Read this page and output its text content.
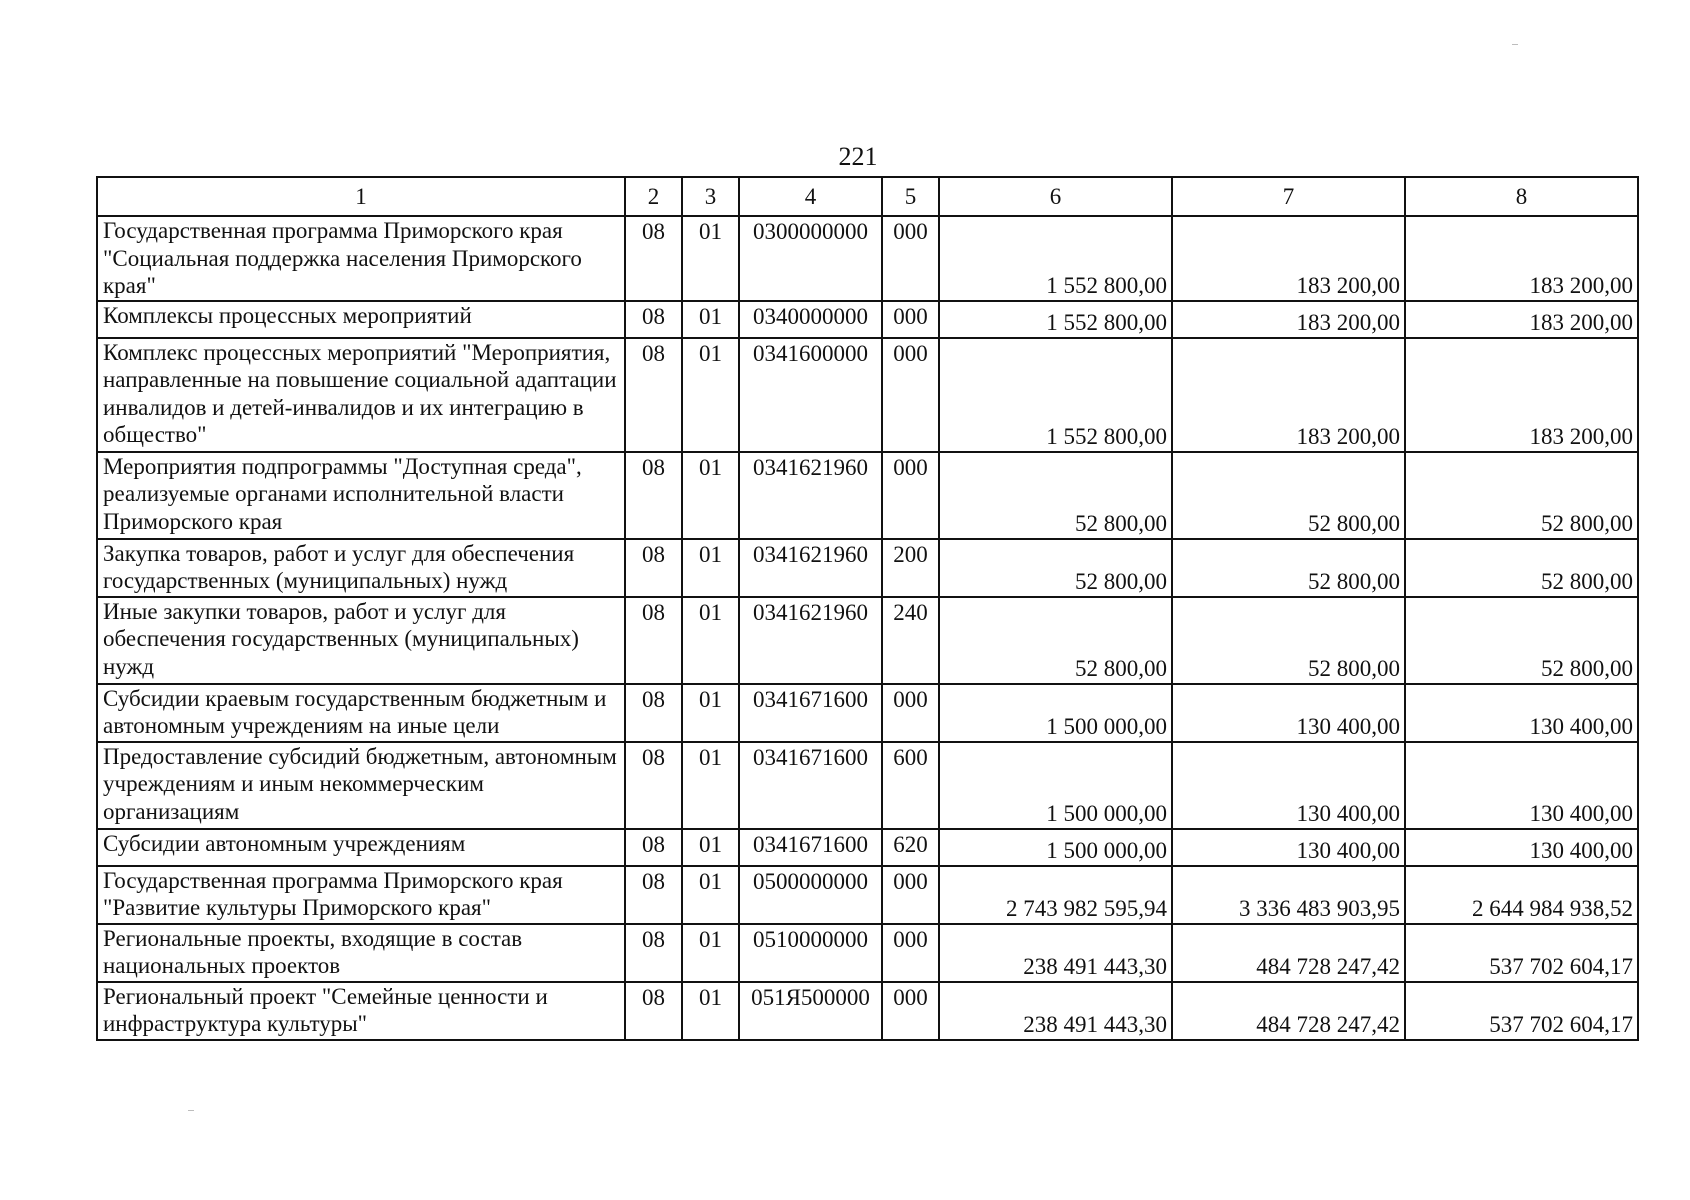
221
1	2	3	4	5	6	7	8
Государственная программа Приморского края "Социальная поддержка населения Приморского края"	08	01	0300000000	000	1 552 800,00	183 200,00	183 200,00
Комплексы процессных мероприятий	08	01	0340000000	000	1 552 800,00	183 200,00	183 200,00
Комплекс процессных мероприятий "Мероприятия, направленные на повышение социальной адаптации инвалидов и детей-инвалидов и их интеграцию в общество"	08	01	0341600000	000	1 552 800,00	183 200,00	183 200,00
Мероприятия подпрограммы "Доступная среда", реализуемые органами исполнительной власти Приморского края	08	01	0341621960	000	52 800,00	52 800,00	52 800,00
Закупка товаров, работ и услуг для обеспечения государственных (муниципальных) нужд	08	01	0341621960	200	52 800,00	52 800,00	52 800,00
Иные закупки товаров, работ и услуг для обеспечения государственных (муниципальных) нужд	08	01	0341621960	240	52 800,00	52 800,00	52 800,00
Субсидии краевым государственным бюджетным и автономным учреждениям на иные цели	08	01	0341671600	000	1 500 000,00	130 400,00	130 400,00
Предоставление субсидий бюджетным, автономным учреждениям и иным некоммерческим организациям	08	01	0341671600	600	1 500 000,00	130 400,00	130 400,00
Субсидии автономным учреждениям	08	01	0341671600	620	1 500 000,00	130 400,00	130 400,00
Государственная программа Приморского края "Развитие культуры Приморского края"	08	01	0500000000	000	2 743 982 595,94	3 336 483 903,95	2 644 984 938,52
Региональные проекты, входящие в состав национальных проектов	08	01	0510000000	000	238 491 443,30	484 728 247,42	537 702 604,17
Региональный проект "Семейные ценности и инфраструктура культуры"	08	01	051Я500000	000	238 491 443,30	484 728 247,42	537 702 604,17
